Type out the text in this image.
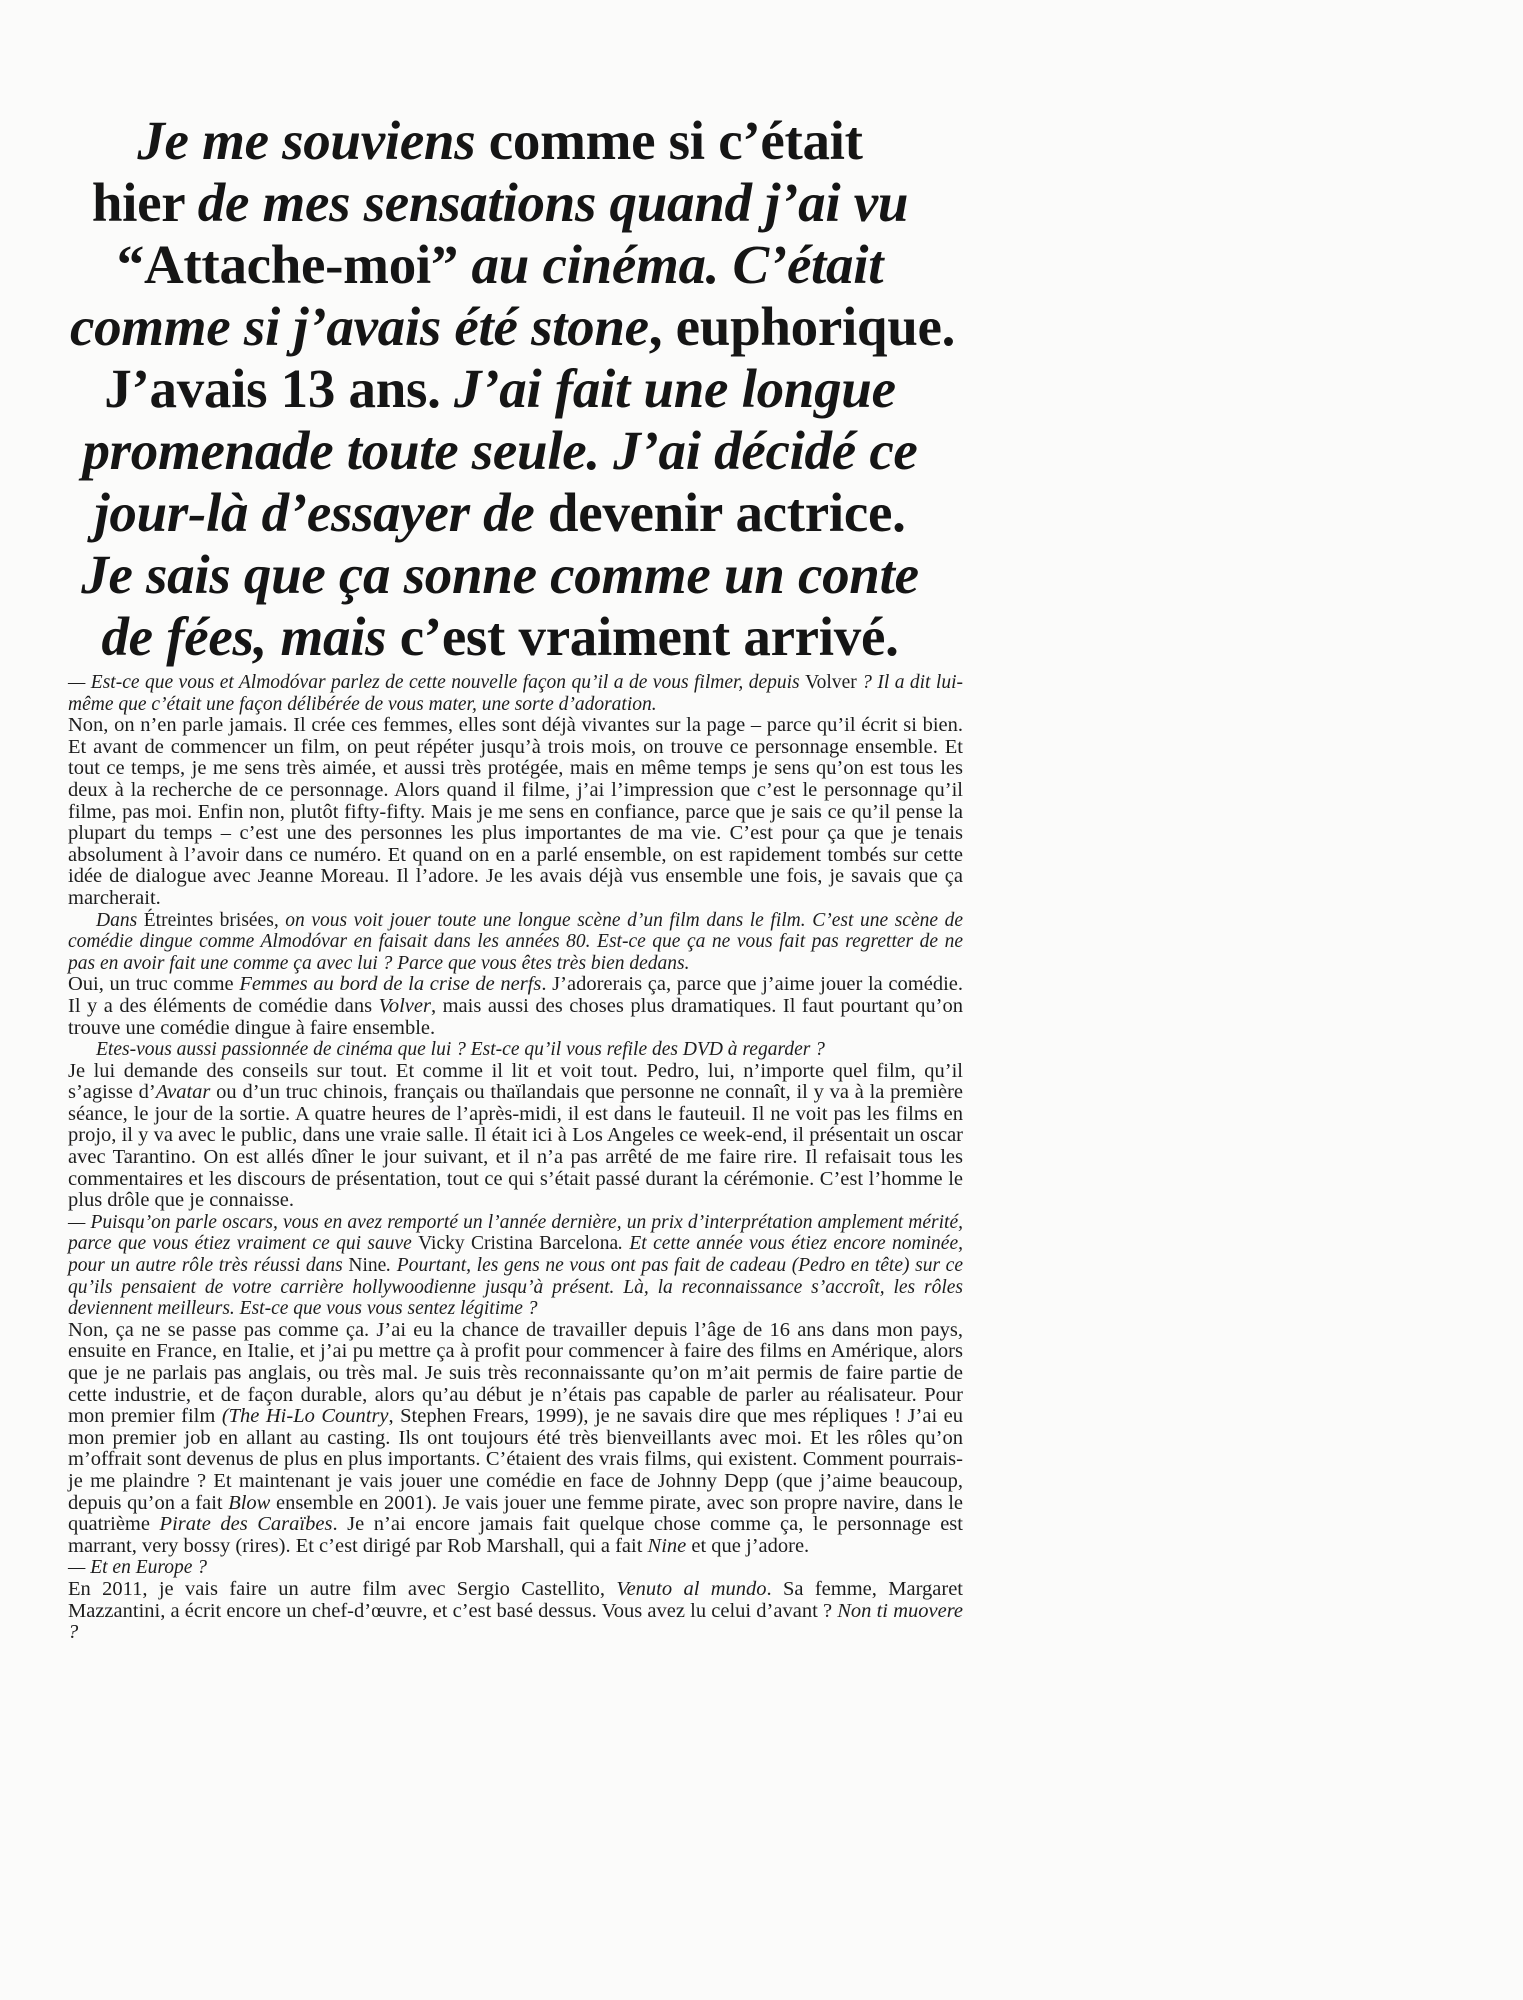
Je me souviens comme si c’était
hier de mes sensations quand j’ai vu
“Attache-moi” au cinéma. C’était
comme si j’avais été stone, euphorique.
J’avais 13 ans. J’ai fait une longue
promenade toute seule. J’ai décidé ce
jour-là d’essayer de devenir actrice.
Je sais que ça sonne comme un conte
de fées, mais c’est vraiment arrivé.

— Est-ce que vous et Almodóvar parlez de cette nouvelle façon qu’il a de vous filmer, depuis Volver ? Il a dit lui-même que c’était une façon délibérée de vous mater, une sorte d’adoration.

Non, on n’en parle jamais. Il crée ces femmes, elles sont déjà vivantes sur la page – parce qu’il écrit si bien. Et avant de commencer un film, on peut répéter jusqu’à trois mois, on trouve ce personnage ensemble. Et tout ce temps, je me sens très aimée, et aussi très protégée, mais en même temps je sens qu’on est tous les deux à la recherche de ce personnage. Alors quand il filme, j’ai l’impression que c’est le personnage qu’il filme, pas moi. Enfin non, plutôt fifty-fifty. Mais je me sens en confiance, parce que je sais ce qu’il pense la plupart du temps – c’est une des personnes les plus importantes de ma vie. C’est pour ça que je tenais absolument à l’avoir dans ce numéro. Et quand on en a parlé ensemble, on est rapidement tombés sur cette idée de dialogue avec Jeanne Moreau. Il l’adore. Je les avais déjà vus ensemble une fois, je savais que ça marcherait.

Dans Étreintes brisées, on vous voit jouer toute une longue scène d’un film dans le film. C’est une scène de comédie dingue comme Almodóvar en faisait dans les années 80. Est-ce que ça ne vous fait pas regretter de ne pas en avoir fait une comme ça avec lui ? Parce que vous êtes très bien dedans.

Oui, un truc comme Femmes au bord de la crise de nerfs. J’adorerais ça, parce que j’aime jouer la comédie. Il y a des éléments de comédie dans Volver, mais aussi des choses plus dramatiques. Il faut pourtant qu’on trouve une comédie dingue à faire ensemble.

Etes-vous aussi passionnée de cinéma que lui ? Est-ce qu’il vous refile des DVD à regarder ?

Je lui demande des conseils sur tout. Et comme il lit et voit tout. Pedro, lui, n’importe quel film, qu’il s’agisse d’Avatar ou d’un truc chinois, français ou thaïlandais que personne ne connaît, il y va à la première séance, le jour de la sortie. A quatre heures de l’après-midi, il est dans le fauteuil. Il ne voit pas les films en projo, il y va avec le public, dans une vraie salle. Il était ici à Los Angeles ce week-end, il présentait un oscar avec Tarantino. On est allés dîner le jour suivant, et il n’a pas arrêté de me faire rire. Il refaisait tous les commentaires et les discours de présentation, tout ce qui s’était passé durant la cérémonie. C’est l’homme le plus drôle que je connaisse.

— Puisqu’on parle oscars, vous en avez remporté un l’année dernière, un prix d’interprétation amplement mérité, parce que vous étiez vraiment ce qui sauve Vicky Cristina Barcelona. Et cette année vous étiez encore nominée, pour un autre rôle très réussi dans Nine. Pourtant, les gens ne vous ont pas fait de cadeau (Pedro en tête) sur ce qu’ils pensaient de votre carrière hollywoodienne jusqu’à présent. Là, la reconnaissance s’accroît, les rôles deviennent meilleurs. Est-ce que vous vous sentez légitime ?

Non, ça ne se passe pas comme ça. J’ai eu la chance de travailler depuis l’âge de 16 ans dans mon pays, ensuite en France, en Italie, et j’ai pu mettre ça à profit pour commencer à faire des films en Amérique, alors que je ne parlais pas anglais, ou très mal. Je suis très reconnaissante qu’on m’ait permis de faire partie de cette industrie, et de façon durable, alors qu’au début je n’étais pas capable de parler au réalisateur. Pour mon premier film (The Hi-Lo Country, Stephen Frears, 1999), je ne savais dire que mes répliques ! J’ai eu mon premier job en allant au casting. Ils ont toujours été très bienveillants avec moi. Et les rôles qu’on m’offrait sont devenus de plus en plus importants. C’étaient des vrais films, qui existent. Comment pourrais-je me plaindre ? Et maintenant je vais jouer une comédie en face de Johnny Depp (que j’aime beaucoup, depuis qu’on a fait Blow ensemble en 2001). Je vais jouer une femme pirate, avec son propre navire, dans le quatrième Pirate des Caraïbes. Je n’ai encore jamais fait quelque chose comme ça, le personnage est marrant, very bossy (rires). Et c’est dirigé par Rob Marshall, qui a fait Nine et que j’adore.

— Et en Europe ?

En 2011, je vais faire un autre film avec Sergio Castellito, Venuto al mundo. Sa femme, Margaret Mazzantini, a écrit encore un chef-d’œuvre, et c’est basé dessus. Vous avez lu celui d’avant ? Non ti muovere ?
